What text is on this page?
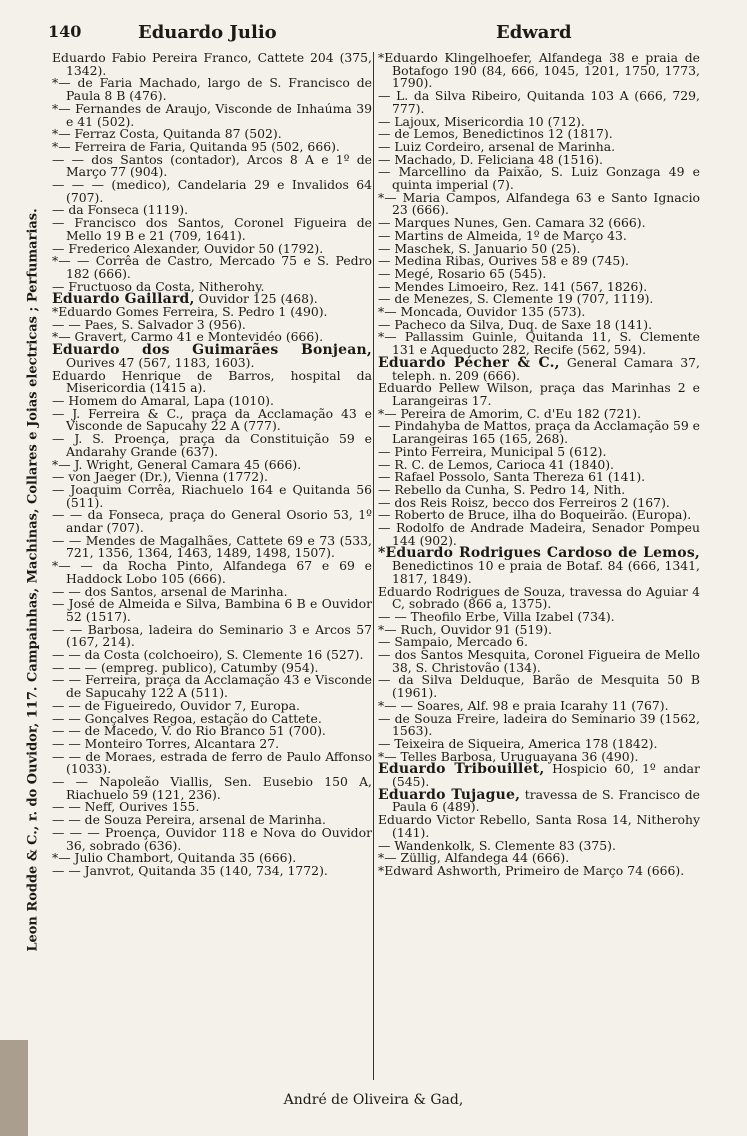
140	Eduardo Julio	Edward
Leon Rodde & C., r. do Ouvidor, 117. Campainhas, Machinas, Collares e Joias electricas ; Perfumarias.

Eduardo Fabio Pereira Franco, Cattete 204 (375, 1342).

*— de Faria Machado, largo de S. Francisco de Paula 8 B (476).

*— Fernandes de Araujo, Visconde de Inhaúma 39 e 41 (502).

*— Ferraz Costa, Quitanda 87 (502).

*— Ferreira de Faria, Quitanda 95 (502, 666).

— — dos Santos (contador), Arcos 8 A e 1º de Março 77 (904).

— — — (medico), Candelaria 29 e Invalidos 64 (707).

— da Fonseca (1119).

— Francisco dos Santos, Coronel Figueira de Mello 19 B e 21 (709, 1641).

— Frederico Alexander, Ouvidor 50 (1792).

*— — Corrêa de Castro, Mercado 75 e S. Pedro 182 (666).

— Fructuoso da Costa, Nitherohy.

Eduardo Gaillard, Ouvidor 125 (468).

*Eduardo Gomes Ferreira, S. Pedro 1 (490).

— — Paes, S. Salvador 3 (956).

*— Gravert, Carmo 41 e Montevidéo (666).

Eduardo dos Guimarães Bonjean, Ourives 47 (567, 1183, 1603).

Eduardo Henrique de Barros, hospital da Misericordia (1415 a).

— Homem do Amaral, Lapa (1010).

— J. Ferreira & C., praça da Acclamação 43 e Visconde de Sapucahy 22 A (777).

— J. S. Proença, praça da Constituição 59 e Andarahy Grande (637).

*— J. Wright, General Camara 45 (666).

— von Jaeger (Dr.), Vienna (1772).

— Joaquim Corrêa, Riachuelo 164 e Quitanda 56 (511).

— — da Fonseca, praça do General Osorio 53, 1º andar (707).

— — Mendes de Magalhães, Cattete 69 e 73 (533, 721, 1356, 1364, 1463, 1489, 1498, 1507).

*— — da Rocha Pinto, Alfandega 67 e 69 e Haddock Lobo 105 (666).

— — dos Santos, arsenal de Marinha.

— José de Almeida e Silva, Bambina 6 B e Ouvidor 52 (1517).

— — Barbosa, ladeira do Seminario 3 e Arcos 57 (167, 214).

— — da Costa (colchoeiro), S. Clemente 16 (527).

— — — (empreg. publico), Catumby (954).

— — Ferreira, praça da Acclamação 43 e Visconde de Sapucahy 122 A (511).

— — de Figueiredo, Ouvidor 7, Europa.

— — Gonçalves Regoa, estação do Cattete.

— — de Macedo, V. do Rio Branco 51 (700).

— — Monteiro Torres, Alcantara 27.

— — de Moraes, estrada de ferro de Paulo Affonso (1033).

— — Napoleão Viallis, Sen. Eusebio 150 A, Riachuelo 59 (121, 236).

— — Neff, Ourives 155.

— — de Souza Pereira, arsenal de Marinha.

— — — Proença, Ouvidor 118 e Nova do Ouvidor 36, sobrado (636).

*— Julio Chambort, Quitanda 35 (666).

— — Janvrot, Quitanda 35 (140, 734, 1772).

*Eduardo Klingelhoefer, Alfandega 38 e praia de Botafogo 190 (84, 666, 1045, 1201, 1750, 1773, 1790).

— L. da Silva Ribeiro, Quitanda 103 A (666, 729, 777).

— Lajoux, Misericordia 10 (712).

— de Lemos, Benedictinos 12 (1817).

— Luiz Cordeiro, arsenal de Marinha.

— Machado, D. Feliciana 48 (1516).

— Marcellino da Paixão, S. Luiz Gonzaga 49 e quinta imperial (7).

*— Maria Campos, Alfandega 63 e Santo Ignacio 23 (666).

— Marques Nunes, Gen. Camara 32 (666).

— Martins de Almeida, 1º de Março 43.

— Maschek, S. Januario 50 (25).

— Medina Ribas, Ourives 58 e 89 (745).

— Megé, Rosario 65 (545).

— Mendes Limoeiro, Rez. 141 (567, 1826).

— de Menezes, S. Clemente 19 (707, 1119).

*— Moncada, Ouvidor 135 (573).

— Pacheco da Silva, Duq. de Saxe 18 (141).

*— Pallassim Guinle, Quitanda 11, S. Clemente 131 e Aqueducto 282, Recife (562, 594).

Eduardo Pécher & C., General Camara 37, teleph. n. 209 (666).

Eduardo Pellew Wilson, praça das Marinhas 2 e Larangeiras 17.

*— Pereira de Amorim, C. d'Eu 182 (721).

— Pindahyba de Mattos, praça da Acclamação 59 e Larangeiras 165 (165, 268).

— Pinto Ferreira, Municipal 5 (612).

— R. C. de Lemos, Carioca 41 (1840).

— Rafael Possolo, Santa Thereza 61 (141).

— Rebello da Cunha, S. Pedro 14, Nith.

— dos Reis Roisz, becco dos Ferreiros 2 (167).

— Roberto de Bruce, ilha do Boqueirão. (Europa).

— Rodolfo de Andrade Madeira, Senador Pompeu 144 (902).

*Eduardo Rodrigues Cardoso de Lemos, Benedictinos 10 e praia de Botaf. 84 (666, 1341, 1817, 1849).

Eduardo Rodrigues de Souza, travessa do Aguiar 4 C, sobrado (866 a, 1375).

— — Theofilo Erbe, Villa Izabel (734).

*— Ruch, Ouvidor 91 (519).

— Sampaio, Mercado 6.

— dos Santos Mesquita, Coronel Figueira de Mello 38, S. Christovão (134).

— da Silva Delduque, Barão de Mesquita 50 B (1961).

*— — Soares, Alf. 98 e praia Icarahy 11 (767).

— de Souza Freire, ladeira do Seminario 39 (1562, 1563).

— Teixeira de Siqueira, America 178 (1842).

*— Telles Barbosa, Uruguayana 36 (490).

Eduardo Tribouillet, Hospicio 60, 1º andar (545).

Eduardo Tujague, travessa de S. Francisco de Paula 6 (489).

Eduardo Victor Rebello, Santa Rosa 14, Nitherohy (141).

— Wandenkolk, S. Clemente 83 (375).

*— Züllig, Alfandega 44 (666).

*Edward Ashworth, Primeiro de Março 74 (666).

André de Oliveira & Gad,
